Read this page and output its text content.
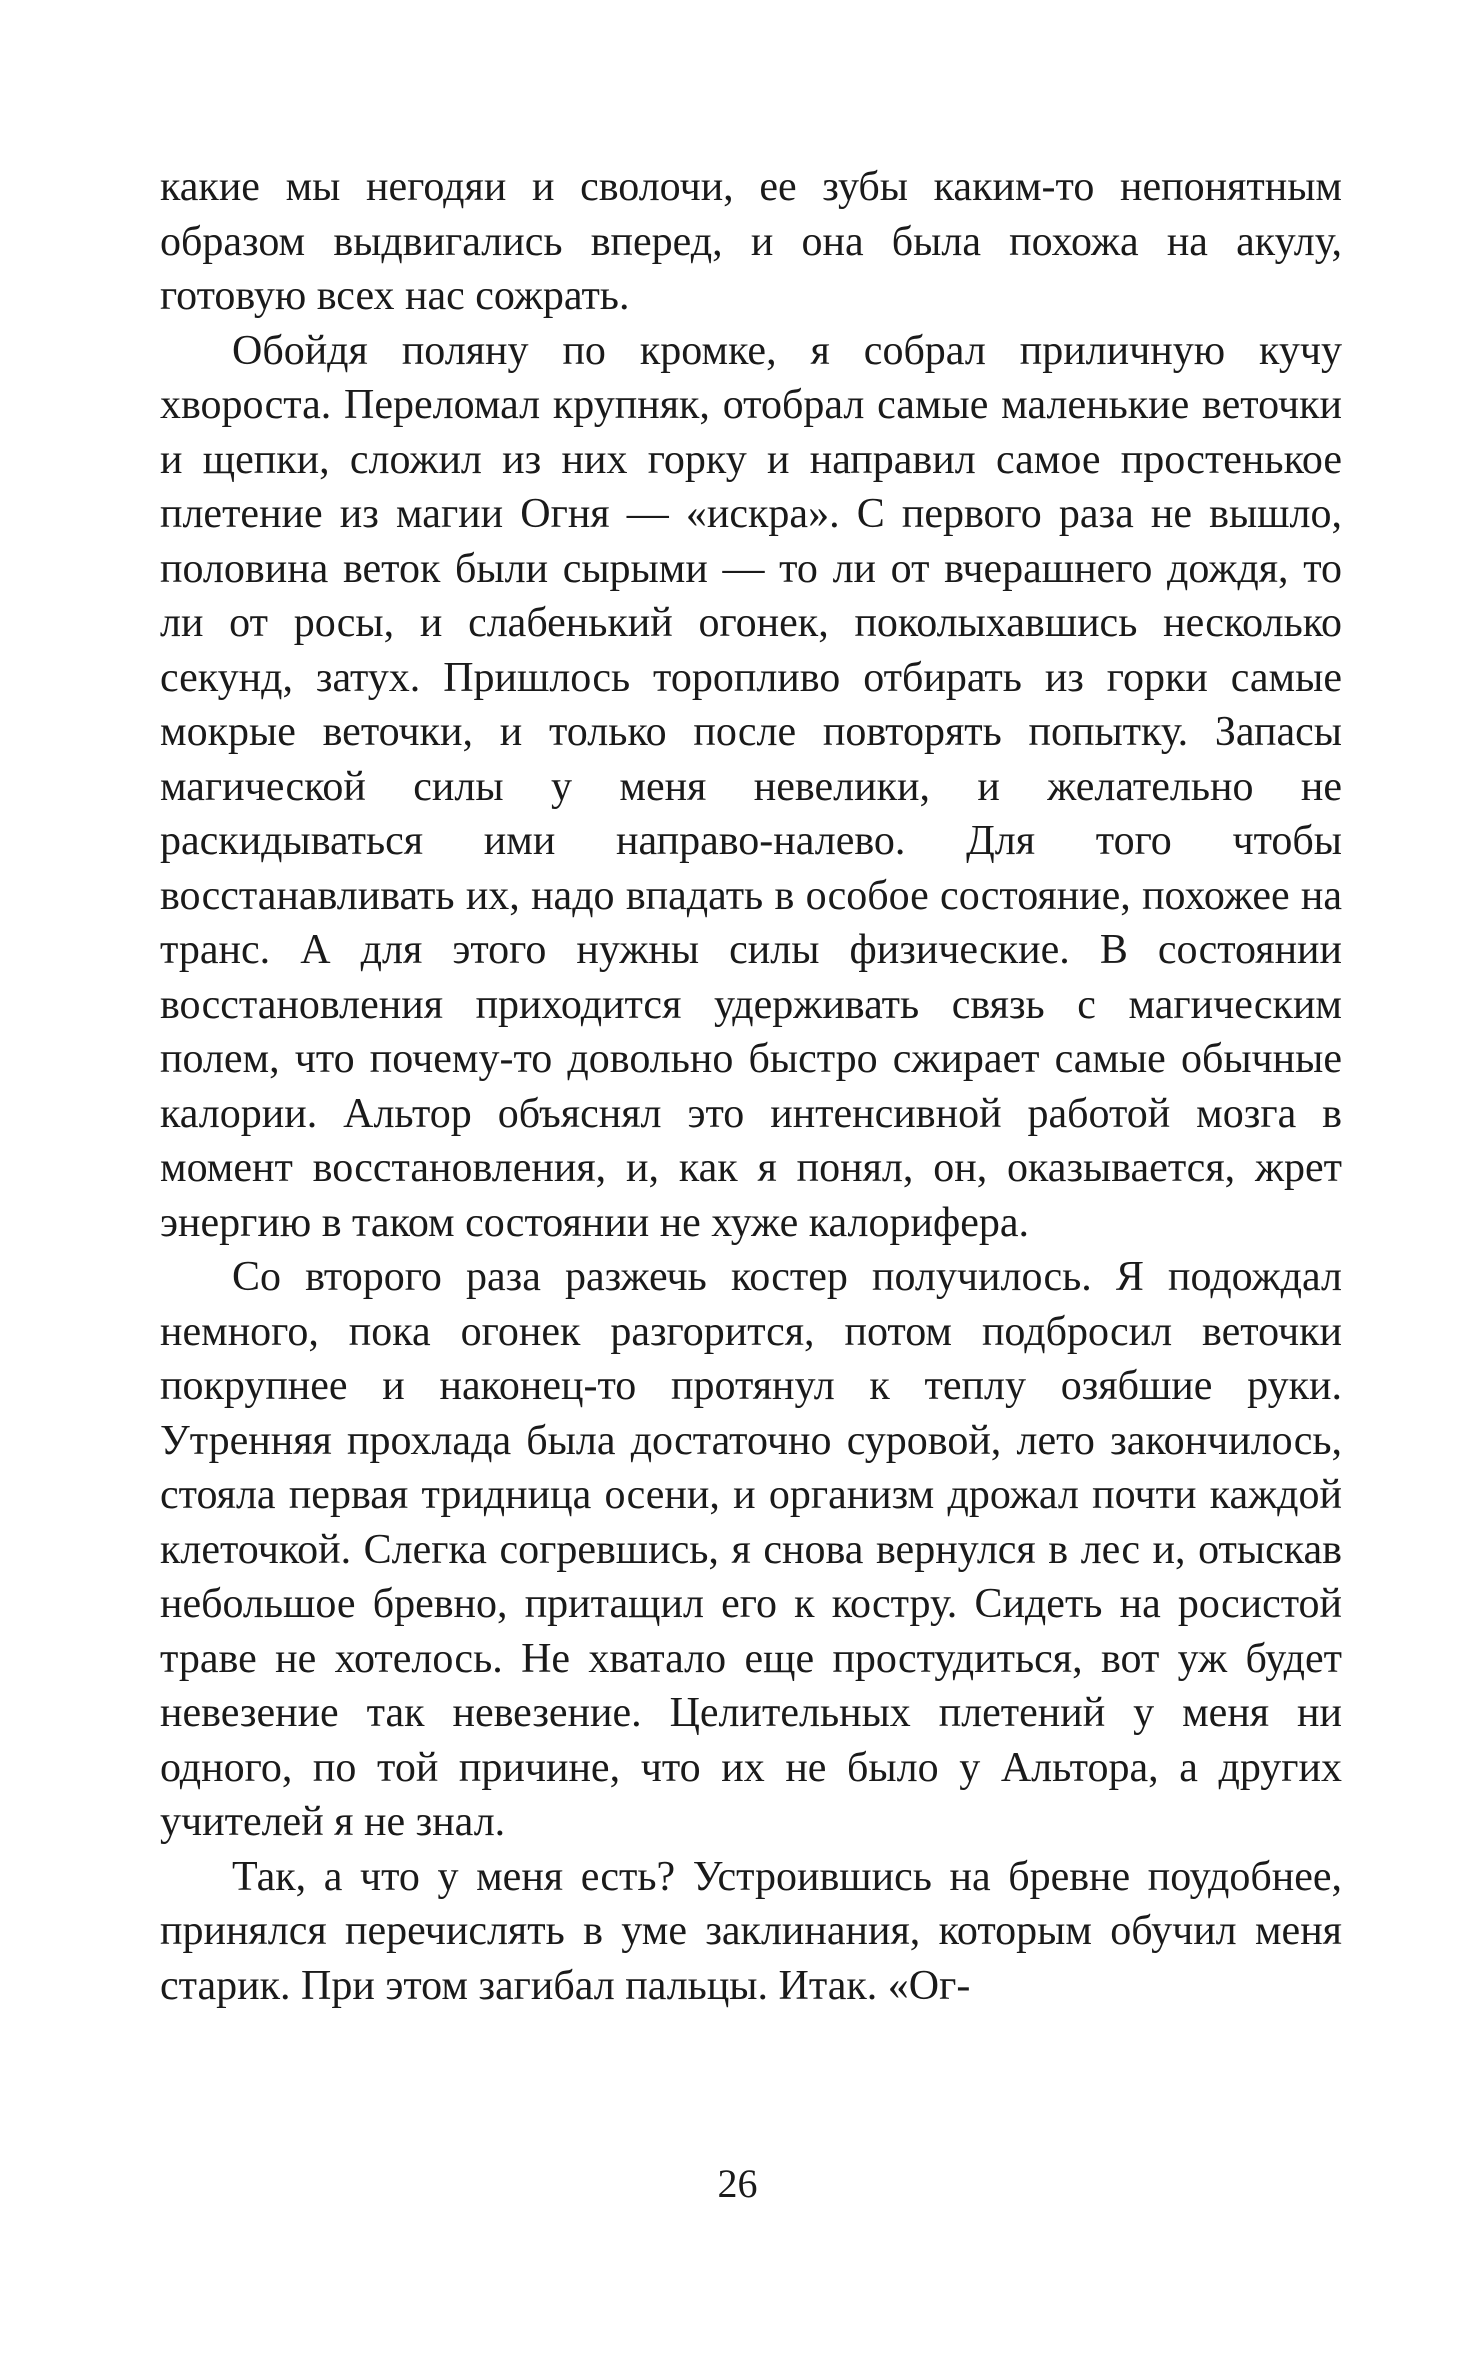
какие мы негодяи и сволочи, ее зубы каким-то непонятным образом выдвигались вперед, и она была похожа на акулу, готовую всех нас сожрать.

Обойдя поляну по кромке, я собрал приличную кучу хвороста. Переломал крупняк, отобрал самые маленькие веточки и щепки, сложил из них горку и направил самое простенькое плетение из магии Огня — «искра». С первого раза не вышло, половина веток были сырыми — то ли от вчерашнего дождя, то ли от росы, и слабенький огонек, поколыхавшись несколько секунд, затух. Пришлось торопливо отбирать из горки самые мокрые веточки, и только после повторять попытку. Запасы магической силы у меня невелики, и желательно не раскидываться ими направо-налево. Для того чтобы восстанавливать их, надо впадать в особое состояние, похожее на транс. А для этого нужны силы физические. В состоянии восстановления приходится удерживать связь с магическим полем, что почему-то довольно быстро сжирает самые обычные калории. Альтор объяснял это интенсивной работой мозга в момент восстановления, и, как я понял, он, оказывается, жрет энергию в таком состоянии не хуже калорифера.

Со второго раза разжечь костер получилось. Я подождал немного, пока огонек разгорится, потом подбросил веточки покрупнее и наконец-то протянул к теплу озябшие руки. Утренняя прохлада была достаточно суровой, лето закончилось, стояла первая тридница осени, и организм дрожал почти каждой клеточкой. Слегка согревшись, я снова вернулся в лес и, отыскав небольшое бревно, притащил его к костру. Сидеть на росистой траве не хотелось. Не хватало еще простудиться, вот уж будет невезение так невезение. Целительных плетений у меня ни одного, по той причине, что их не было у Альтора, а других учителей я не знал.

Так, а что у меня есть? Устроившись на бревне поудобнее, принялся перечислять в уме заклинания, которым обучил меня старик. При этом загибал пальцы. Итак. «Ог-

26
